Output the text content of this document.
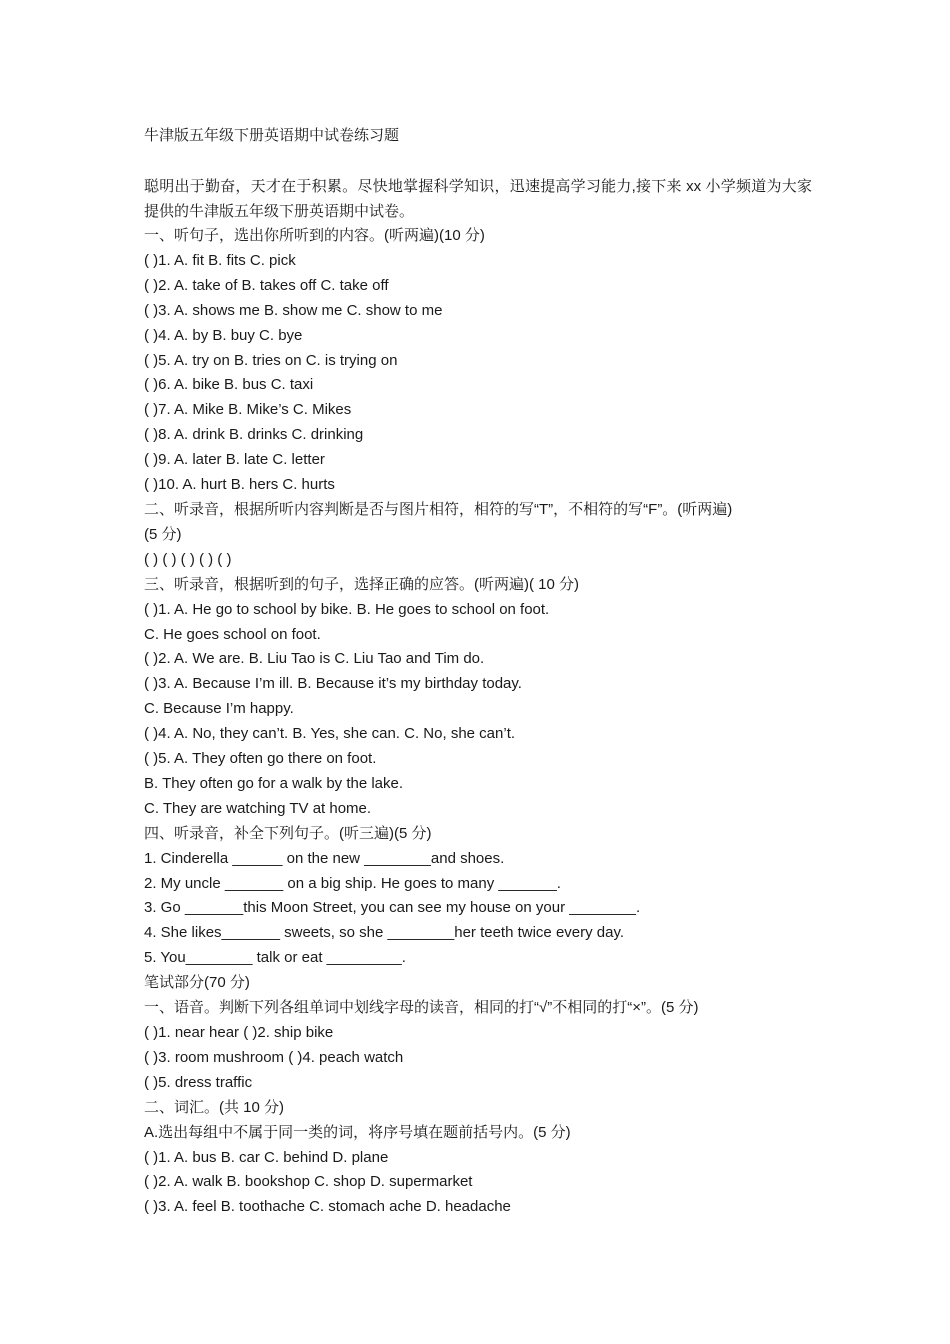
牛津版五年级下册英语期中试卷练习题

聪明出于勤奋，天才在于积累。尽快地掌握科学知识，迅速提高学习能力,接下来 xx 小学频道为大家提供的牛津版五年级下册英语期中试卷。

一、听句子，选出你所听到的内容。(听两遍)(10 分)

( )1. A. fit B. fits C. pick

( )2. A. take of B. takes off C. take off

( )3. A. shows me B. show me C. show to me

( )4. A. by B. buy C. bye

( )5. A. try on B. tries on C. is trying on

( )6. A. bike B. bus C. taxi

( )7. A. Mike B. Mike’s C. Mikes

( )8. A. drink B. drinks C. drinking

( )9. A. later B. late C. letter

( )10. A. hurt B. hers C. hurts

二、听录音，根据所听内容判断是否与图片相符，相符的写“T”，不相符的写“F”。(听两遍)

(5 分)

( ) ( ) ( ) ( ) ( )

三、听录音，根据听到的句子，选择正确的应答。(听两遍)( 10 分)

( )1. A. He go to school by bike. B. He goes to school on foot.

C. He goes school on foot.

( )2. A. We are. B. Liu Tao is C. Liu Tao and Tim do.

( )3. A. Because I’m ill. B. Because it’s my birthday today.

C. Because I’m happy.

( )4. A. No, they can’t. B. Yes, she can. C. No, she can’t.

( )5. A. They often go there on foot.

B. They often go for a walk by the lake.

C. They are watching TV at home.

四、听录音，补全下列句子。(听三遍)(5 分)

1. Cinderella ______ on the new ________and shoes.

2. My uncle _______ on a big ship. He goes to many _______.

3. Go _______this Moon Street, you can see my house on your ________.

4. She likes_______ sweets, so she ________her teeth twice every day.

5. You________ talk or eat _________.

笔试部分(70 分)

一、语音。判断下列各组单词中划线字母的读音，相同的打“√”不相同的打“×”。(5 分)

( )1. near hear ( )2. ship bike

( )3. room mushroom ( )4. peach watch

( )5. dress traffic

二、词汇。(共 10 分)

A.选出每组中不属于同一类的词，将序号填在题前括号内。(5 分)

( )1. A. bus B. car C. behind D. plane

( )2. A. walk B. bookshop C. shop D. supermarket

( )3. A. feel B. toothache C. stomach ache D. headache
